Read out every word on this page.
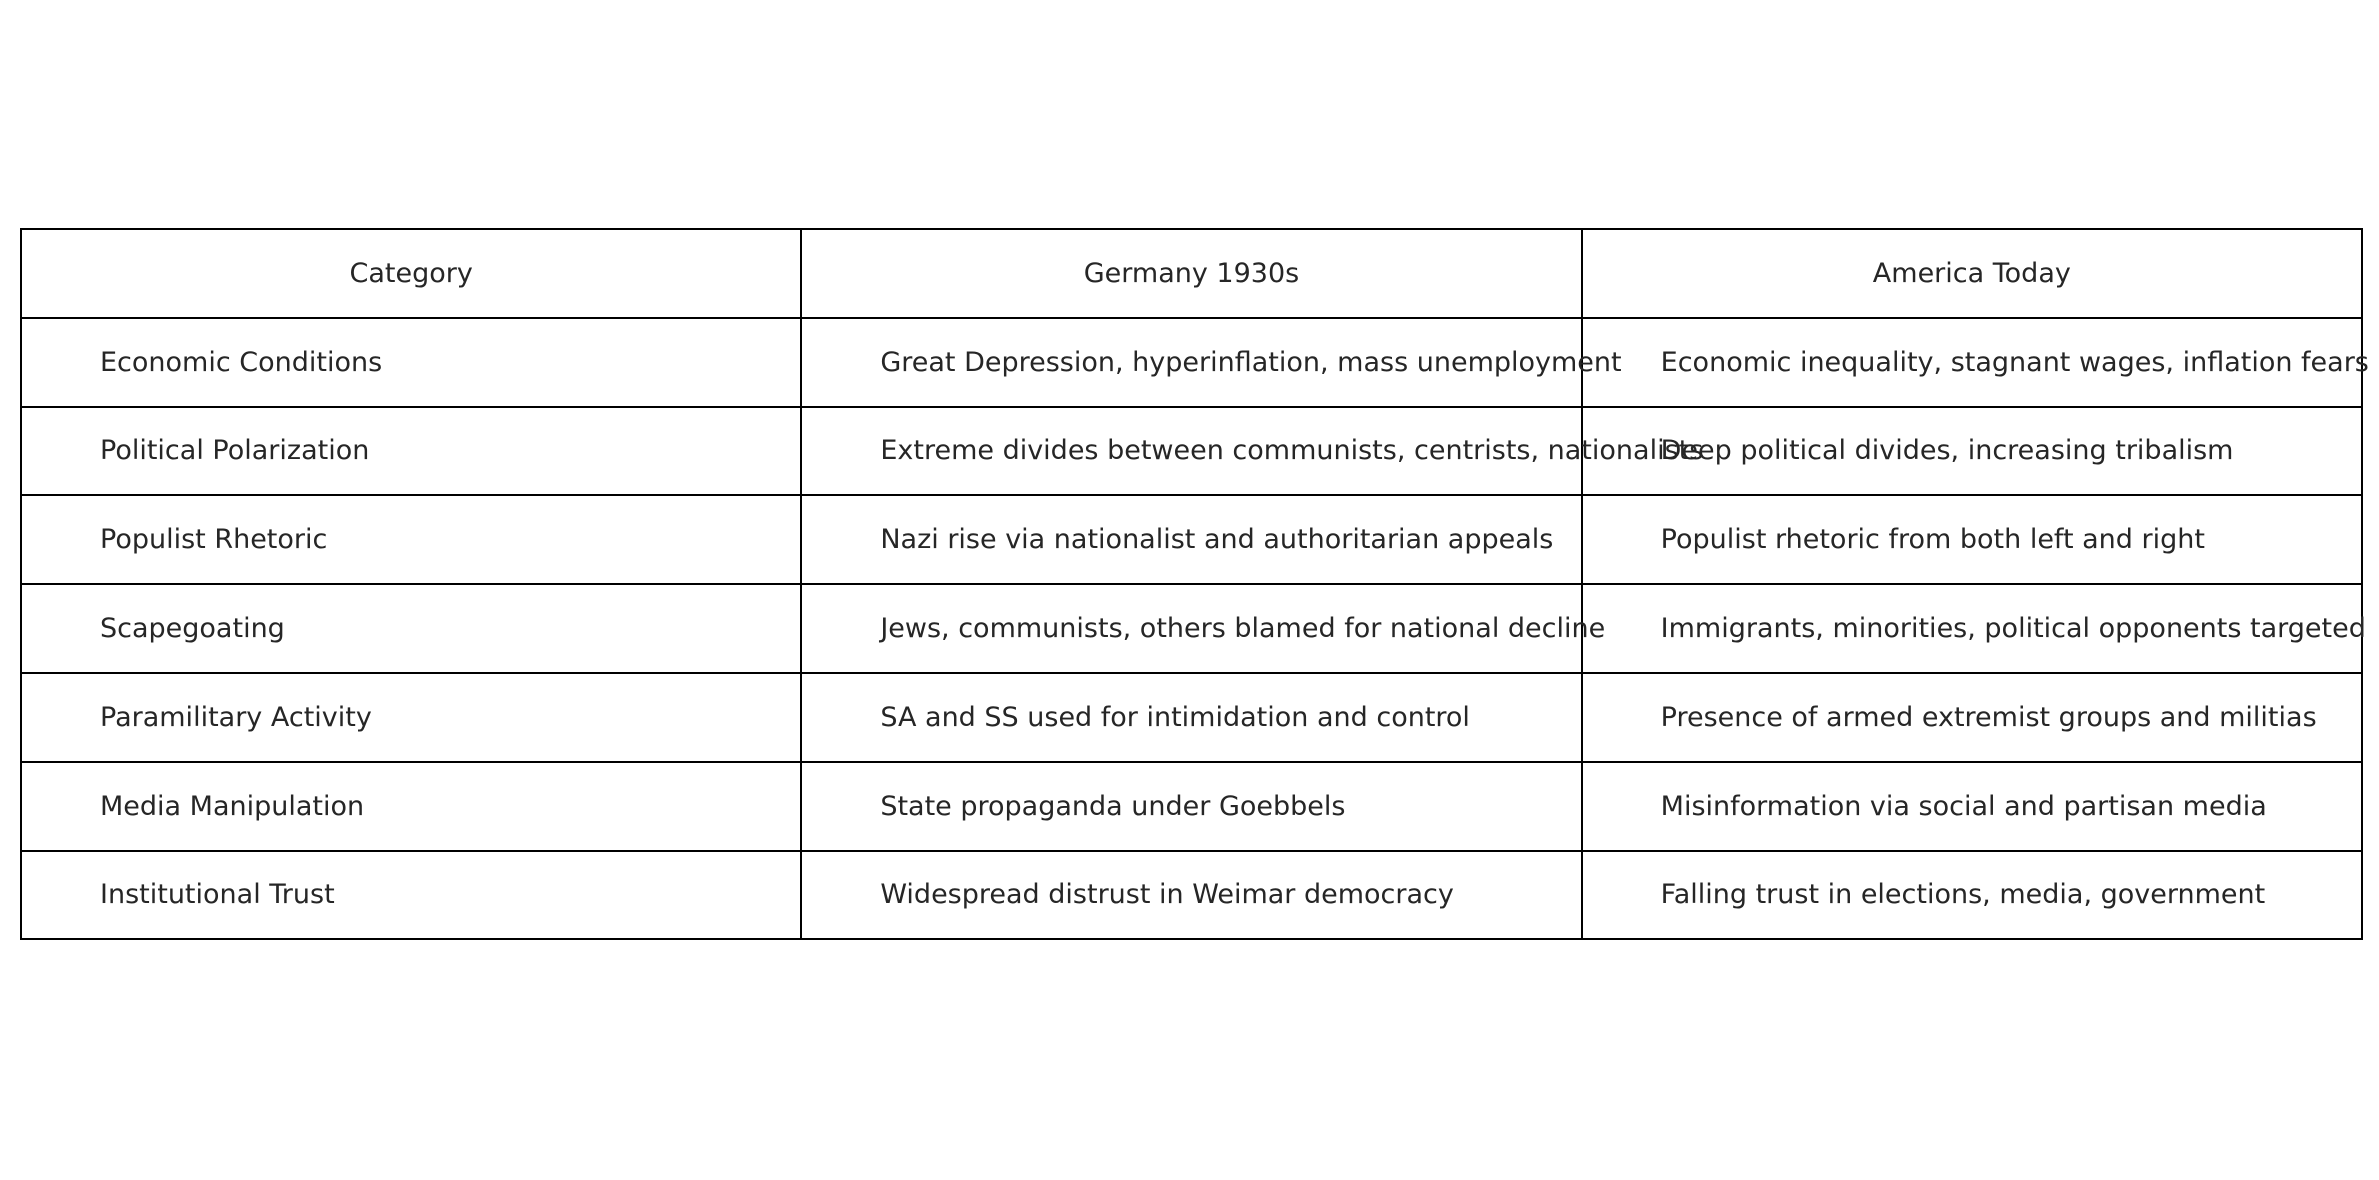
Category	Germany 1930s	America Today
Economic Conditions	Great Depression, hyperinflation, mass unemployment	Economic inequality, stagnant wages, inflation fears
Political Polarization	Extreme divides between communists, centrists, nationalists	Deep political divides, increasing tribalism
Populist Rhetoric	Nazi rise via nationalist and authoritarian appeals	Populist rhetoric from both left and right
Scapegoating	Jews, communists, others blamed for national decline	Immigrants, minorities, political opponents targeted
Paramilitary Activity	SA and SS used for intimidation and control	Presence of armed extremist groups and militias
Media Manipulation	State propaganda under Goebbels	Misinformation via social and partisan media
Institutional Trust	Widespread distrust in Weimar democracy	Falling trust in elections, media, government
